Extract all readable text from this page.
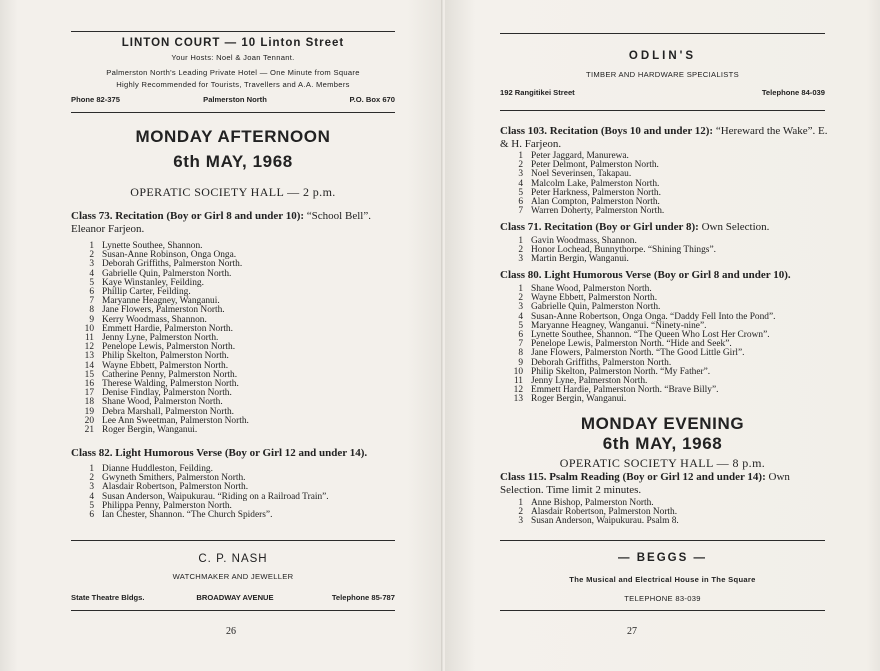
LINTON COURT — 10 Linton Street
Your Hosts: Noel & Joan Tennant.
Palmerston North's Leading Private Hotel — One Minute from Square
Highly Recommended for Tourists, Travellers and A.A. Members
Phone 82-375	Palmerston North	P.O. Box 670
MONDAY AFTERNOON
6th MAY, 1968
OPERATIC SOCIETY HALL — 2 p.m.
Class 73. Recitation (Boy or Girl 8 and under 10): “School Bell”. Eleanor Farjeon.
1 Lynette Southee, Shannon.
2 Susan-Anne Robinson, Onga Onga.
3 Deborah Griffiths, Palmerston North.
4 Gabrielle Quin, Palmerston North.
5 Kaye Winstanley, Feilding.
6 Phillip Carter, Feilding.
7 Maryanne Heagney, Wanganui.
8 Jane Flowers, Palmerston North.
9 Kerry Woodmass, Shannon.
10 Emmett Hardie, Palmerston North.
11 Jenny Lyne, Palmerston North.
12 Penelope Lewis, Palmerston North.
13 Philip Skelton, Palmerston North.
14 Wayne Ebbett, Palmerston North.
15 Catherine Penny, Palmerston North.
16 Therese Walding, Palmerston North.
17 Denise Findlay, Palmerston North.
18 Shane Wood, Palmerston North.
19 Debra Marshall, Palmerston North.
20 Lee Ann Sweetman, Palmerston North.
21 Roger Bergin, Wanganui.
Class 82. Light Humorous Verse (Boy or Girl 12 and under 14).
1 Dianne Huddleston, Feilding.
2 Gwyneth Smithers, Palmerston North.
3 Alasdair Robertson, Palmerston North.
4 Susan Anderson, Waipukurau. “Riding on a Railroad Train”.
5 Philippa Penny, Palmerston North.
6 Ian Chester, Shannon. “The Church Spiders”.
C. P. NASH
WATCHMAKER AND JEWELLER
State Theatre Bldgs.	BROADWAY AVENUE	Telephone 85-787
26
ODLIN'S
TIMBER AND HARDWARE SPECIALISTS
192 Rangitikei Street	Telephone 84-039
Class 103. Recitation (Boys 10 and under 12): “Hereward the Wake”. E. & H. Farjeon.
1 Peter Jaggard, Manurewa.
2 Peter Delmont, Palmerston North.
3 Noel Severinsen, Takapau.
4 Malcolm Lake, Palmerston North.
5 Peter Harkness, Palmerston North.
6 Alan Compton, Palmerston North.
7 Warren Doherty, Palmerston North.
Class 71. Recitation (Boy or Girl under 8): Own Selection.
1 Gavin Woodmass, Shannon.
2 Honor Lochead, Bunnythorpe. “Shining Things”.
3 Martin Bergin, Wanganui.
Class 80. Light Humorous Verse (Boy or Girl 8 and under 10).
1 Shane Wood, Palmerston North.
2 Wayne Ebbett, Palmerston North.
3 Gabrielle Quin, Palmerston North.
4 Susan-Anne Robertson, Onga Onga. “Daddy Fell Into the Pond”.
5 Maryanne Heagney, Wanganui. “Ninety-nine”.
6 Lynette Southee, Shannon. “The Queen Who Lost Her Crown”.
7 Penelope Lewis, Palmerston North. “Hide and Seek”.
8 Jane Flowers, Palmerston North. “The Good Little Girl”.
9 Deborah Griffiths, Palmerston North.
10 Philip Skelton, Palmerston North. “My Father”.
11 Jenny Lyne, Palmerston North.
12 Emmett Hardie, Palmerston North. “Brave Billy”.
13 Roger Bergin, Wanganui.
MONDAY EVENING
6th MAY, 1968
OPERATIC SOCIETY HALL — 8 p.m.
Class 115. Psalm Reading (Boy or Girl 12 and under 14): Own Selection. Time limit 2 minutes.
1 Anne Bishop, Palmerston North.
2 Alasdair Robertson, Palmerston North.
3 Susan Anderson, Waipukurau. Psalm 8.
— BEGGS —
The Musical and Electrical House in The Square
TELEPHONE 83-039
27
